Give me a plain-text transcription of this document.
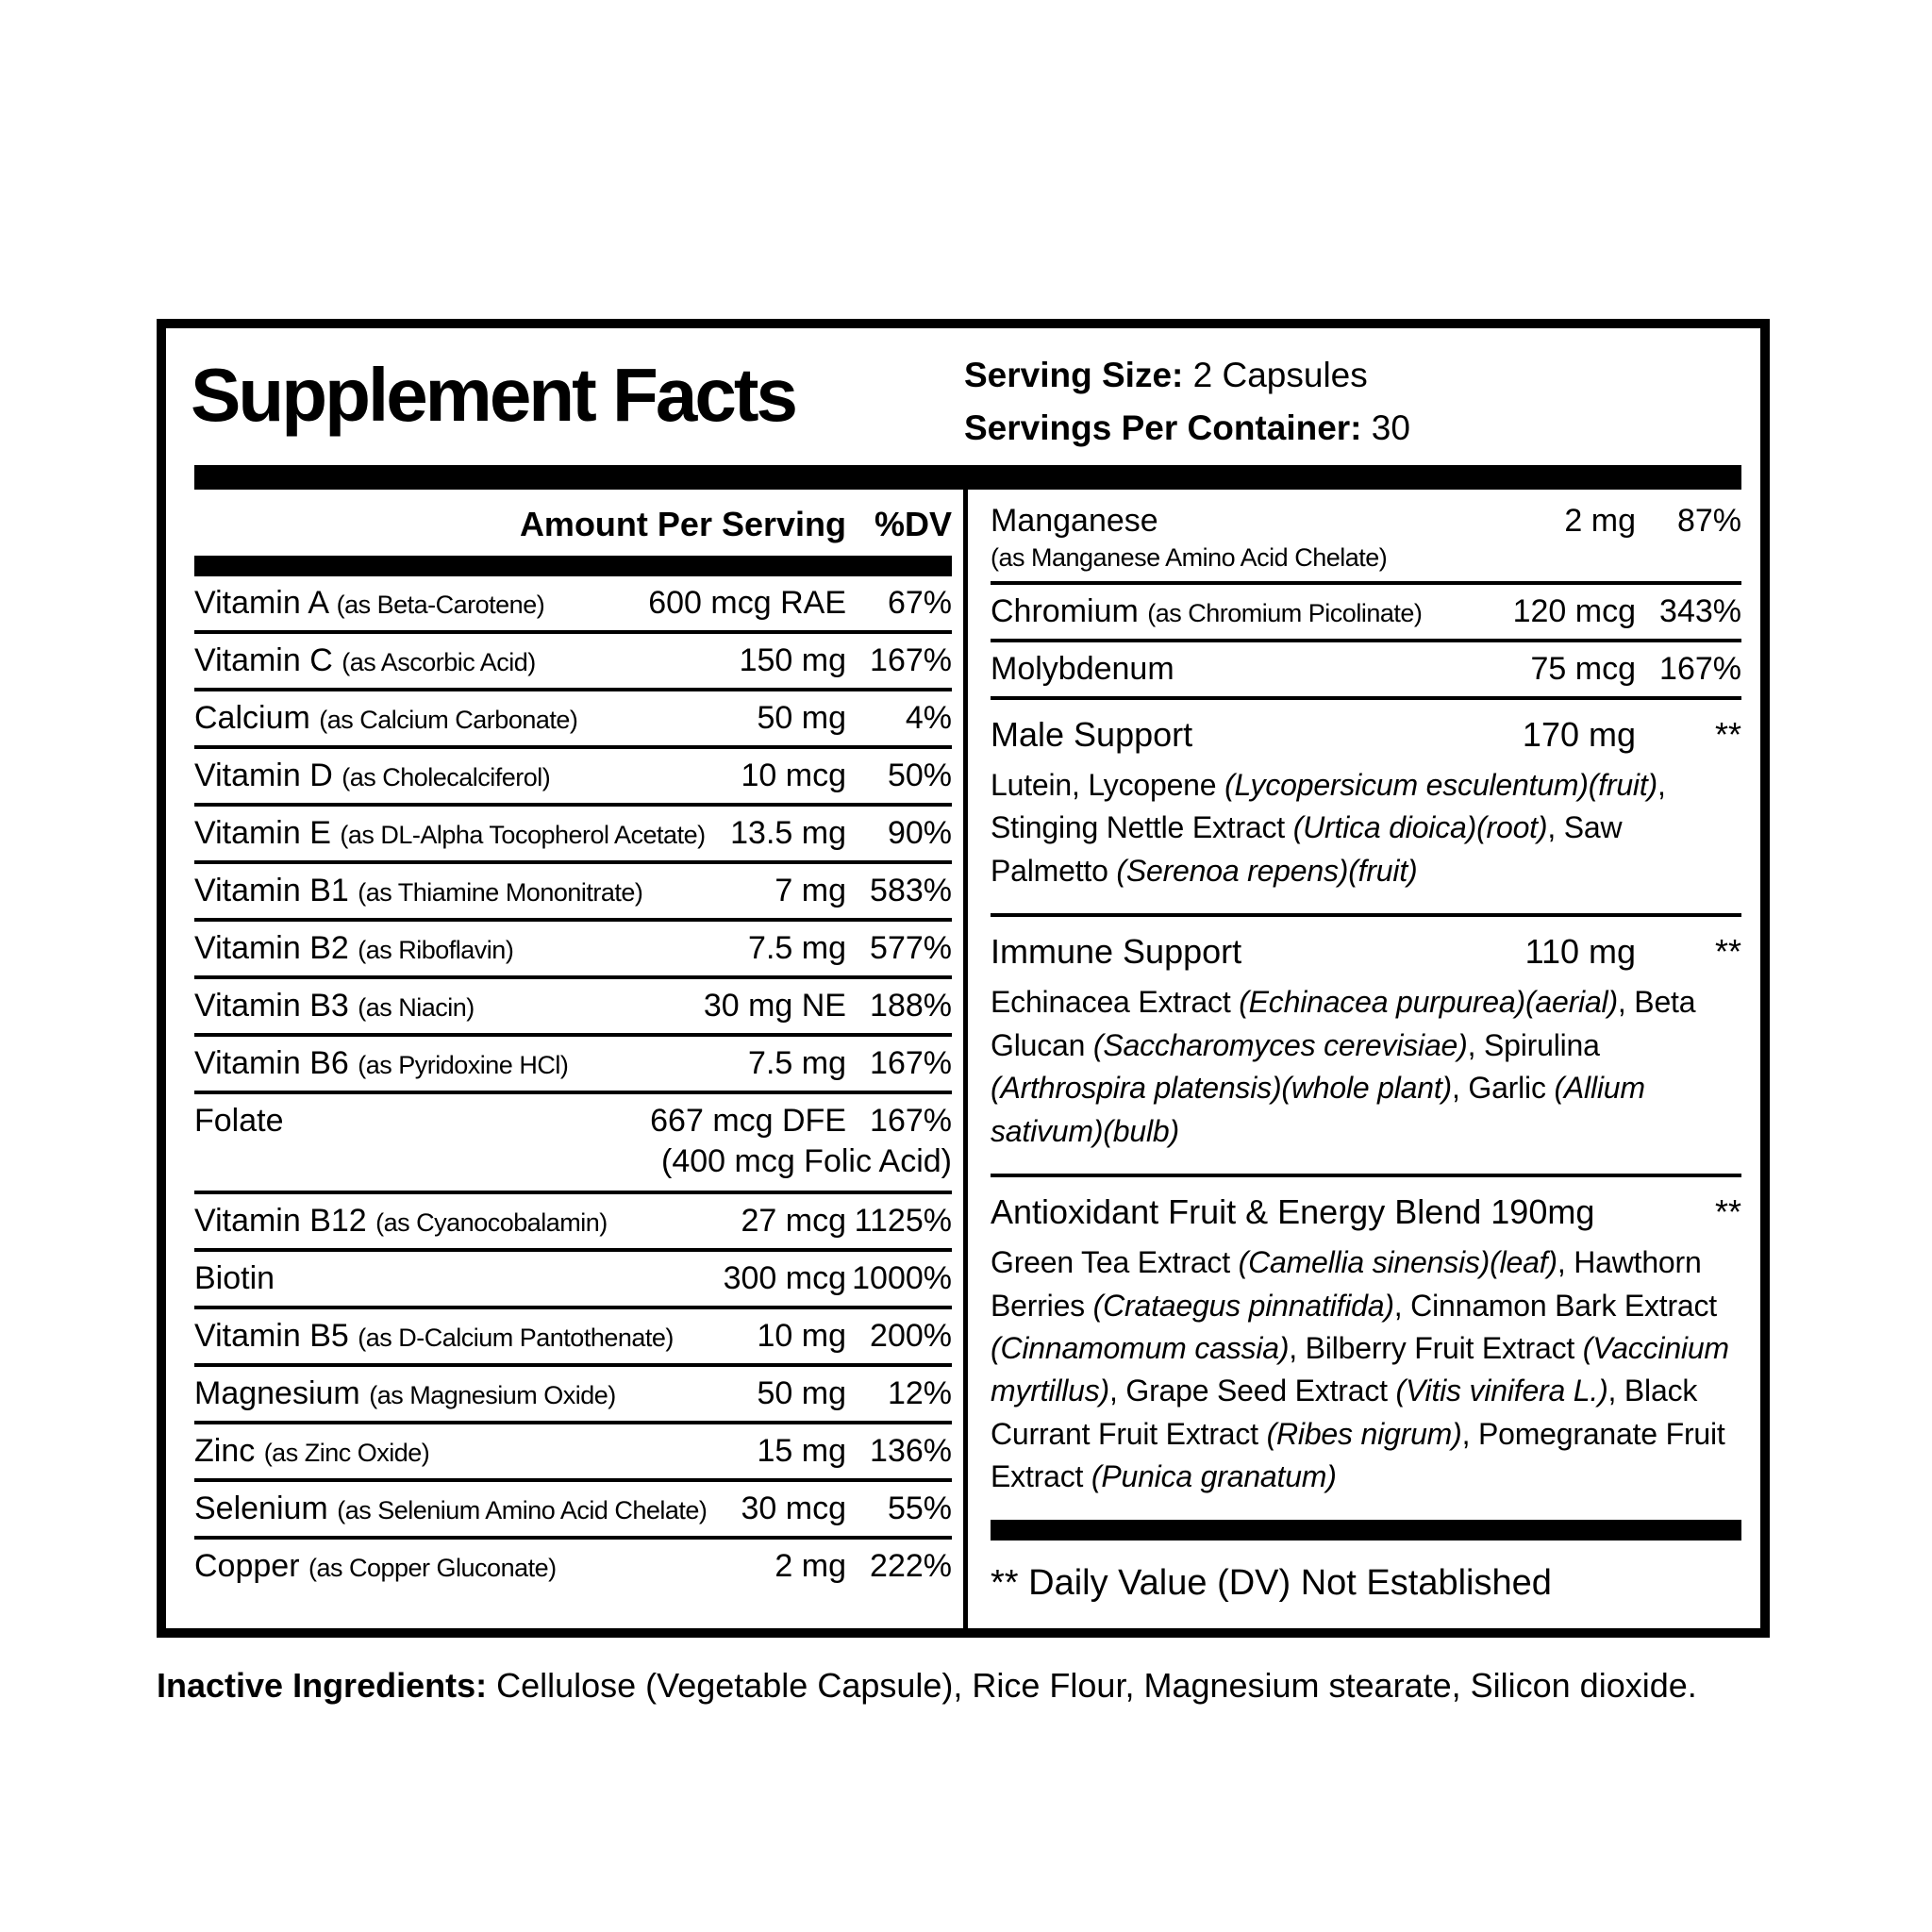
Supplement Facts	Serving Size: 2 Capsules
Servings Per Container: 30
Amount Per Serving %DV
Vitamin A (as Beta-Carotene)	600 mcg RAE	67%
Vitamin C (as Ascorbic Acid)	150 mg 167%
Calcium (as Calcium Carbonate)	50 mg	4%
Vitamin D (as Cholecalciferol)	10 mcg	50%
Vitamin E (as DL-Alpha Tocopherol Acetate) 13.5 mg	90%
Vitamin B1 (as Thiamine Mononitrate)	7 mg 583%
Vitamin B2 (as Riboflavin)	7.5 mg 577%
Vitamin B3 (as Niacin)	30 mg NE 188%
Vitamin B6 (as Pyridoxine HCl)	7.5 mg 167%
Folate	667 mcg DFE 167%
(400 mcg Folic Acid)
Vitamin B12 (as Cyanocobalamin)	27 mcg 1125%
Biotin	300 mcg 1000%
Vitamin B5 (as D-Calcium Pantothenate)	10 mg 200%
Magnesium (as Magnesium Oxide)	50 mg	12%
Zinc (as Zinc Oxide)	15 mg 136%
Selenium (as Selenium Amino Acid Chelate)	30 mcg	55%
Copper (as Copper Gluconate)	2 mg 222%
Manganese	2 mg	87%
(as Manganese Amino Acid Chelate)
Chromium (as Chromium Picolinate)	120 mcg 343%
Molybdenum	75 mcg 167%
Male Support	170 mg	**
Lutein, Lycopene (Lycopersicum esculentum)(fruit), Stinging Nettle Extract (Urtica dioica)(root), Saw Palmetto (Serenoa repens)(fruit)
Immune Support	110 mg	**
Echinacea Extract (Echinacea purpurea)(aerial), Beta Glucan (Saccharomyces cerevisiae), Spirulina (Arthrospira platensis)(whole plant), Garlic (Allium sativum)(bulb)
Antioxidant Fruit & Energy Blend 190mg	**
Green Tea Extract (Camellia sinensis)(leaf), Hawthorn Berries (Crataegus pinnatifida), Cinnamon Bark Extract (Cinnamomum cassia), Bilberry Fruit Extract (Vaccinium myrtillus), Grape Seed Extract (Vitis vinifera L.), Black Currant Fruit Extract (Ribes nigrum), Pomegranate Fruit Extract (Punica granatum)
** Daily Value (DV) Not Established

Inactive Ingredients: Cellulose (Vegetable Capsule), Rice Flour, Magnesium stearate, Silicon dioxide.
